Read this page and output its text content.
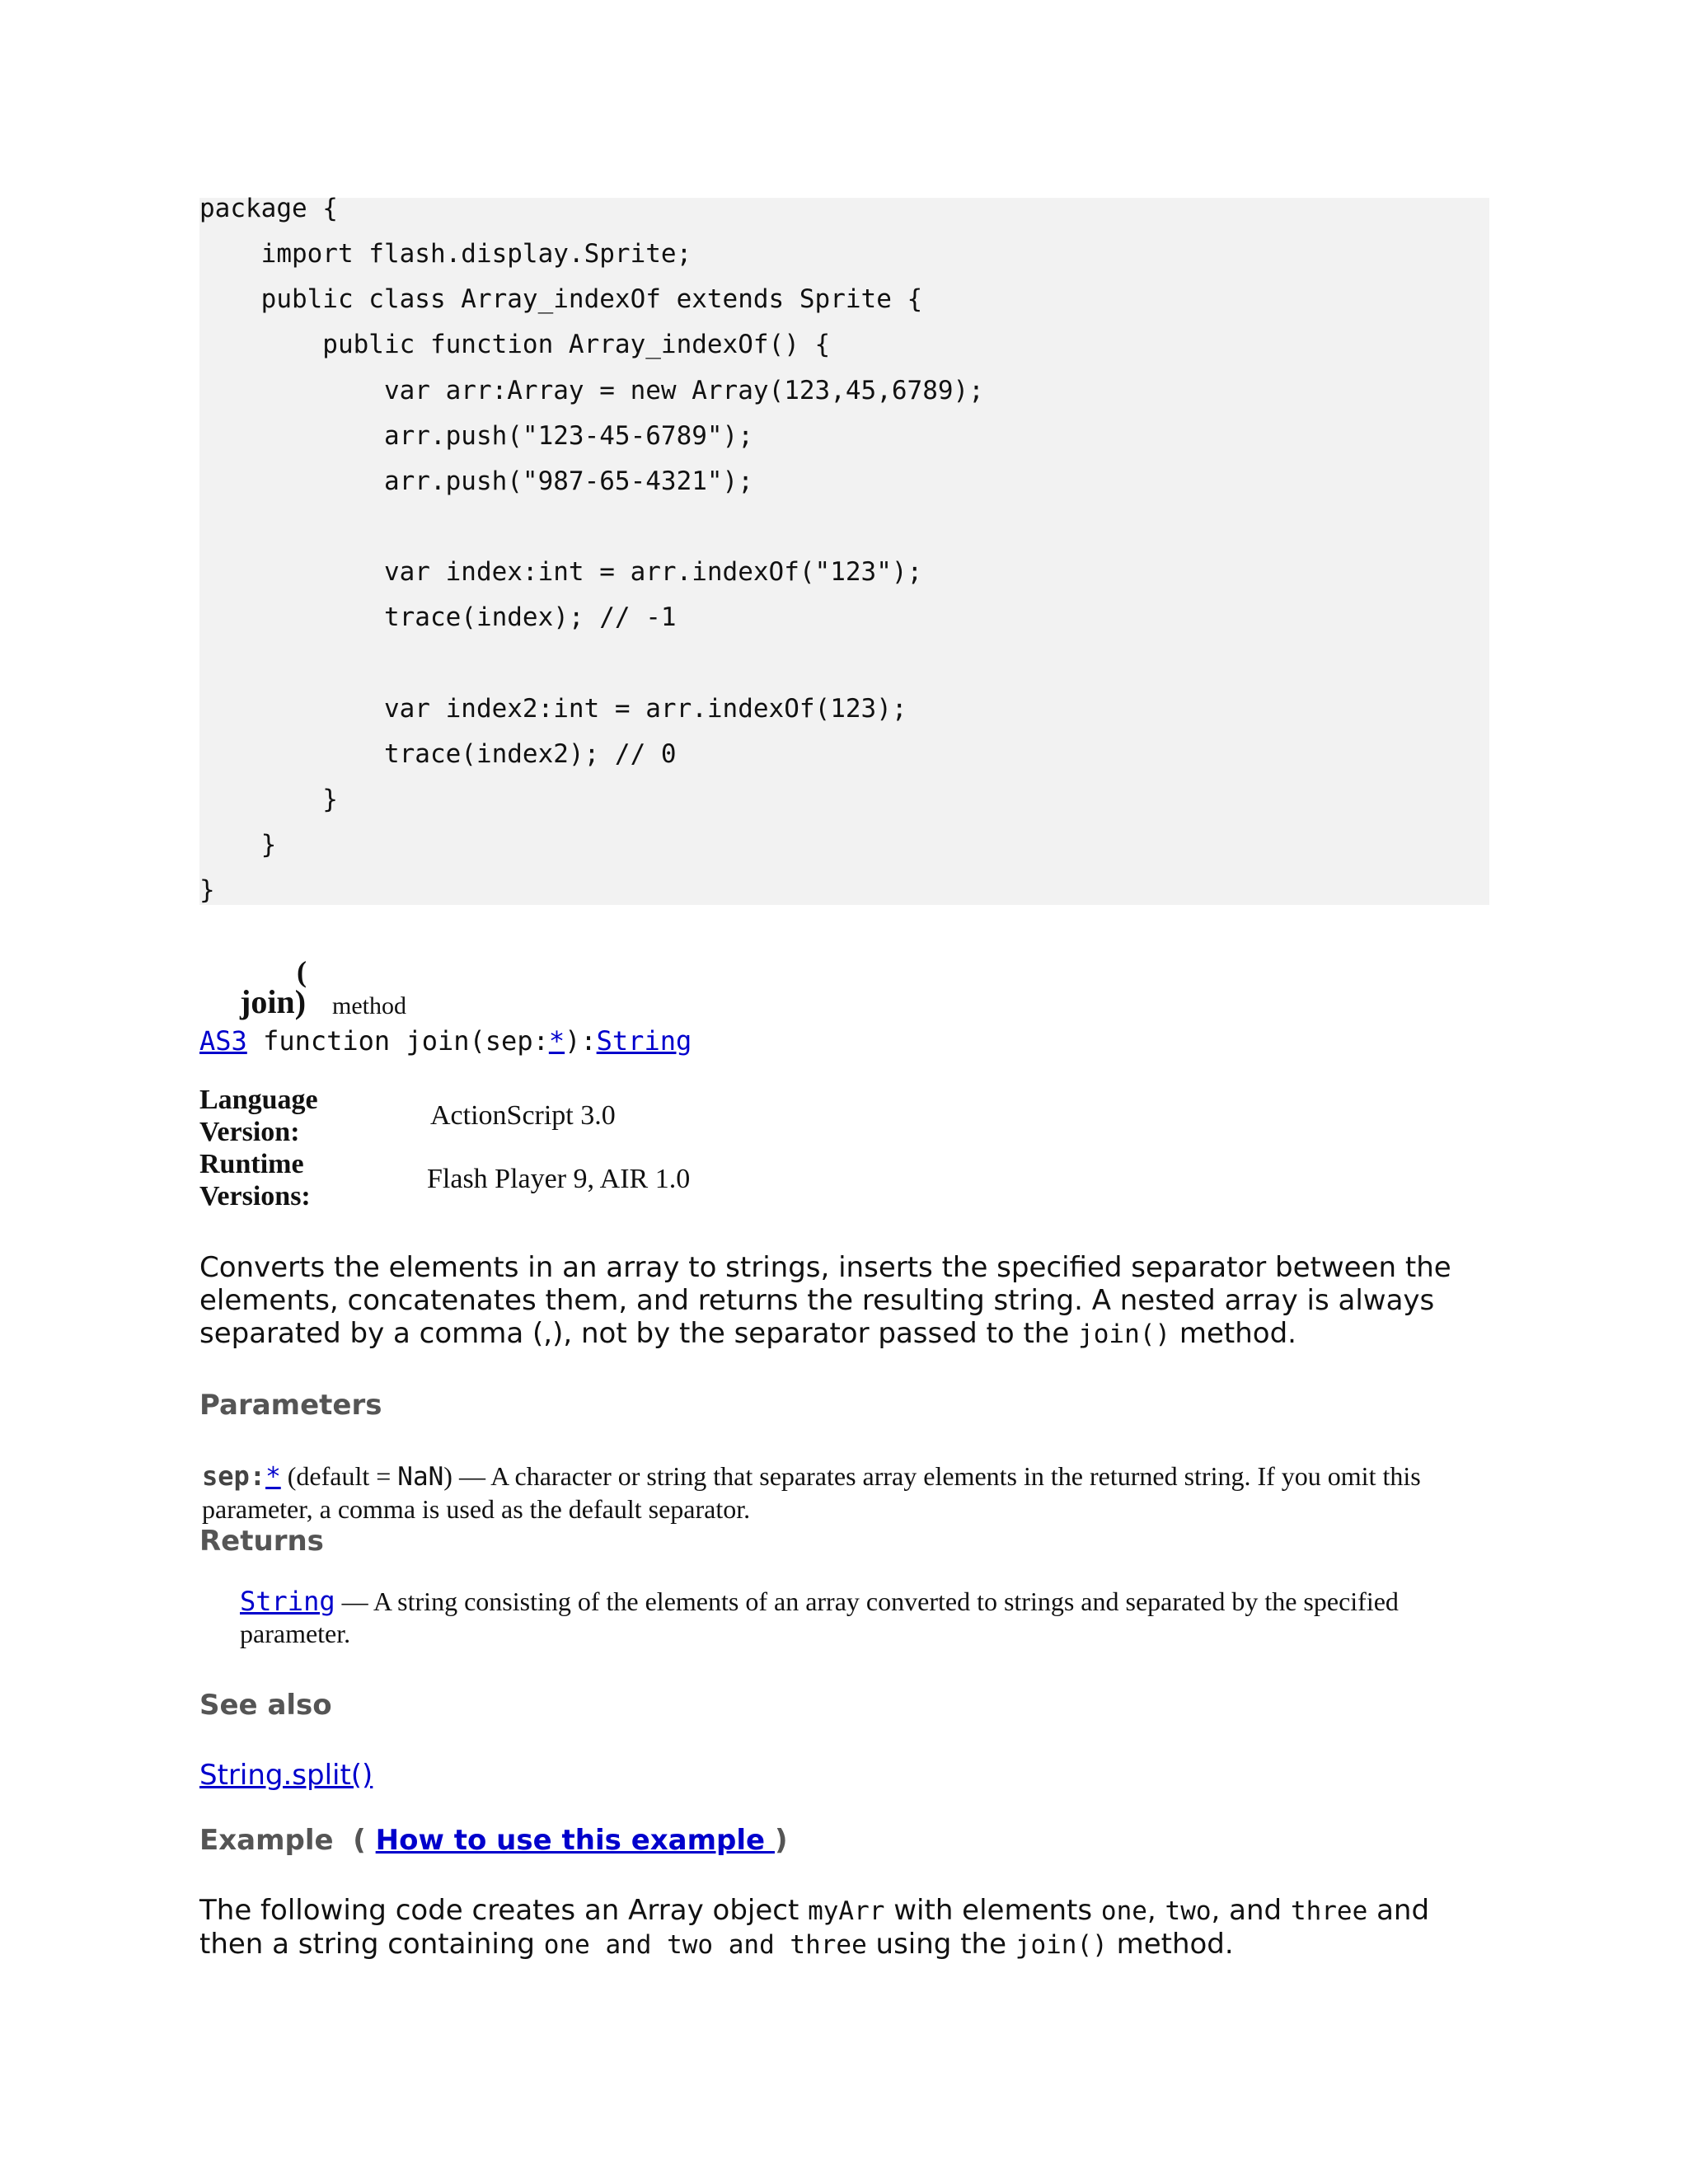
package {
import flash.display.Sprite;
public class Array_indexOf extends Sprite {
public function Array_indexOf() {
var arr:Array = new Array(123,45,6789);
arr.push("123-45-6789");
arr.push("987-65-4321");
var index:int = arr.indexOf("123");
trace(index); // -1
var index2:int = arr.indexOf(123);
trace(index2); // 0
}
}
}
(
join) method
AS3 function join(sep:*):String
Language
Version:
ActionScript 3.0
Runtime
Versions:
Flash Player 9, AIR 1.0
Converts the elements in an array to strings, inserts the specified separator between the elements, concatenates them, and returns the resulting string. A nested array is always separated by a comma (,), not by the separator passed to the join() method.
Parameters
sep:* (default = NaN) — A character or string that separates array elements in the returned string. If you omit this parameter, a comma is used as the default separator.
Returns
String — A string consisting of the elements of an array converted to strings and separated by the specified parameter.
See also
String.split()
Example  ( How to use this example )
The following code creates an Array object myArr with elements one, two, and three and then a string containing one and two and three using the join() method.
